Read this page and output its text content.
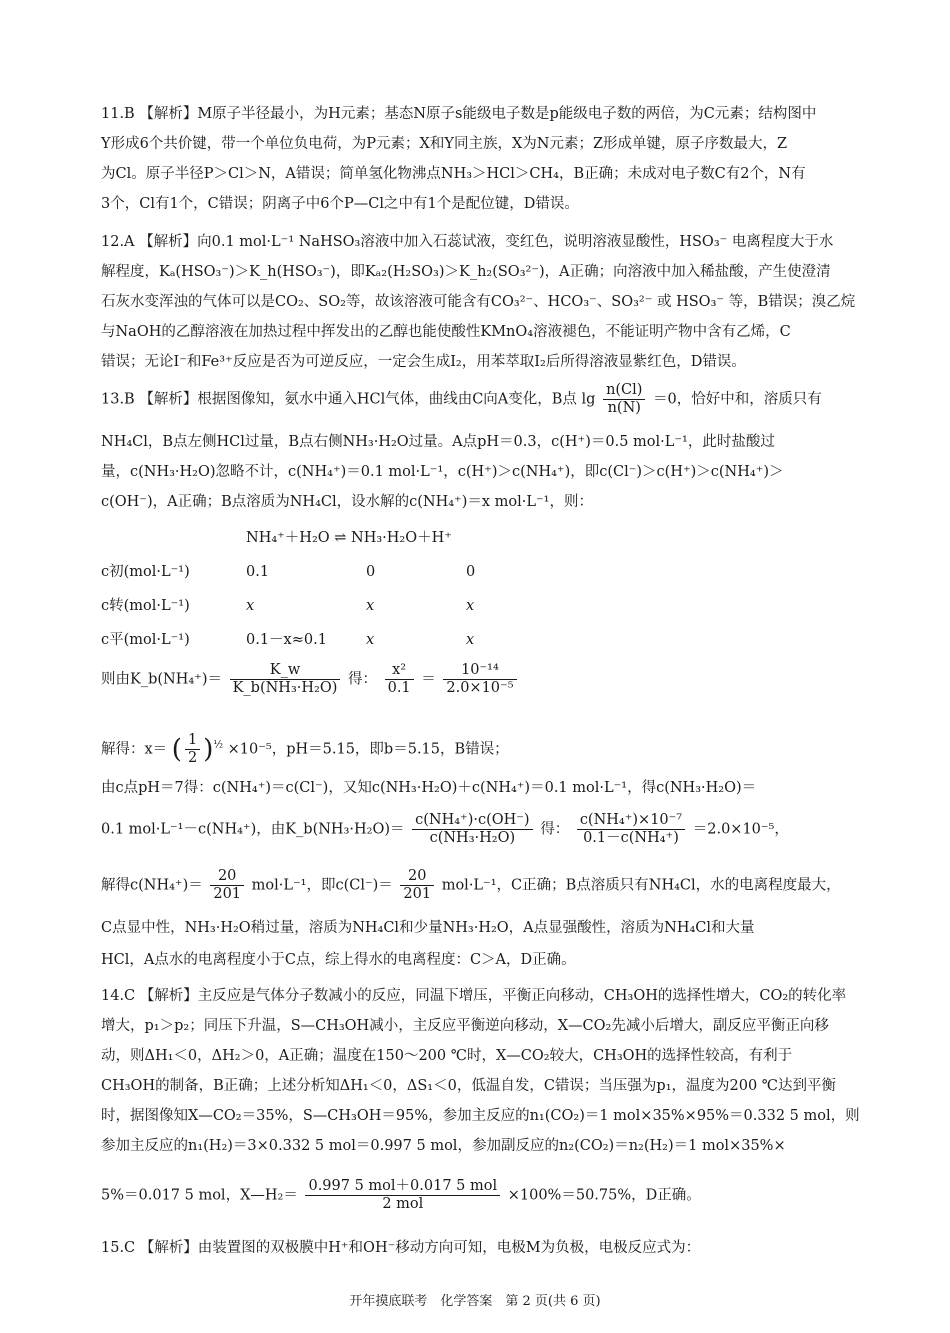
11.B 【解析】M原子半径最小，为H元素；基态N原子s能级电子数是p能级电子数的两倍，为C元素；结构图中
Y形成6个共价键，带一个单位负电荷，为P元素；X和Y同主族，X为N元素；Z形成单键，原子序数最大，Z
为Cl。原子半径P＞Cl＞N，A错误；简单氢化物沸点NH₃＞HCl＞CH₄，B正确；未成对电子数C有2个，N有
3个，Cl有1个，C错误；阴离子中6个P—Cl之中有1个是配位键，D错误。
12.A 【解析】向0.1 mol·L⁻¹ NaHSO₃溶液中加入石蕊试液，变红色，说明溶液显酸性，HSO₃⁻ 电离程度大于水
解程度，Kₐ(HSO₃⁻)＞K_h(HSO₃⁻)，即Kₐ₂(H₂SO₃)＞K_h₂(SO₃²⁻)，A正确；向溶液中加入稀盐酸，产生使澄清
石灰水变浑浊的气体可以是CO₂、SO₂等，故该溶液可能含有CO₃²⁻、HCO₃⁻、SO₃²⁻ 或 HSO₃⁻ 等，B错误；溴乙烷
与NaOH的乙醇溶液在加热过程中挥发出的乙醇也能使酸性KMnO₄溶液褪色，不能证明产物中含有乙烯，C
错误；无论I⁻和Fe³⁺反应是否为可逆反应，一定会生成I₂，用苯萃取I₂后所得溶液显紫红色，D错误。
13.B 【解析】根据图像知，氨水中通入HCl气体，曲线由C向A变化，B点 $\lg \frac{n(Cl)}{n(N)} =0$，恰好中和，溶质只有
NH₄Cl，B点左侧HCl过量，B点右侧NH₃·H₂O过量。A点pH＝0.3，c(H⁺)＝0.5 mol·L⁻¹，此时盐酸过
量，c(NH₃·H₂O)忽略不计，c(NH₄⁺)＝0.1 mol·L⁻¹，c(H⁺)＞c(NH₄⁺)，即c(Cl⁻)＞c(H⁺)＞c(NH₄⁺)＞
c(OH⁻)，A正确；B点溶质为NH₄Cl，设水解的c(NH₄⁺)＝x mol·L⁻¹，则：
NH₄⁺＋H₂O ⇌ NH₃·H₂O＋H⁺
c初(mol·L⁻¹)	0.1	0	0
c转(mol·L⁻¹)	x	x	x
c平(mol·L⁻¹)	0.1－x≈0.1	x	x
则由K_b(NH₄⁺)＝ $\frac{K\_w}{\text{K\_b(NH₃·H₂O)}}$ 得： $\frac{\text{x²}}{0.1} = \frac{\text{10⁻¹⁴}}{\text{2.0×10⁻⁵}}$
解得：x＝ ( $\frac{1}{2} )^{\frac{1}{2}} \times 10^{-5}$，pH＝5.15，即b＝5.15，B错误；
由c点pH＝7得：c(NH₄⁺)＝c(Cl⁻)，又知c(NH₃·H₂O)＋c(NH₄⁺)＝0.1 mol·L⁻¹，得c(NH₃·H₂O)＝
0.1 mol·L⁻¹－c(NH₄⁺)，由K_b(NH₃·H₂O)＝ $\frac{\text{c(NH₄⁺)·c(OH⁻)}}{\text{c(NH₃·H₂O)}}$ 得： $\frac{\text{c(NH₄⁺)×10⁻⁷}}{\text{0.1－c(NH₄⁺)}} =2.0\times 10^{-5}$，
解得$c(NH_4^+)= \frac{20}{201} mol\cdot L^{-1}$，即$c(Cl^-)= \frac{20}{201} mol\cdot L^{-1}$，C正确；B点溶质只有NH₄Cl，水的电离程度最大，
C点显中性，NH₃·H₂O稍过量，溶质为NH₄Cl和少量NH₃·H₂O，A点显强酸性，溶质为NH₄Cl和大量
HCl，A点水的电离程度小于C点，综上得水的电离程度：C＞A，D正确。
14.C 【解析】主反应是气体分子数减小的反应，同温下增压，平衡正向移动，CH₃OH的选择性增大，CO₂的转化率
增大，p₁＞p₂；同压下升温，S—CH₃OH减小，主反应平衡逆向移动，X—CO₂先减小后增大，副反应平衡正向移
动，则ΔH₁＜0，ΔH₂＞0，A正确；温度在150～200 ℃时，X—CO₂较大，CH₃OH的选择性较高，有利于
CH₃OH的制备，B正确；上述分析知ΔH₁＜0，ΔS₁＜0，低温自发，C错误；当压强为p₁，温度为200 ℃达到平衡
时，据图像知X—CO₂＝35%，S—CH₃OH＝95%，参加主反应的n₁(CO₂)＝1 mol×35%×95%＝0.332 5 mol，则
参加主反应的n₁(H₂)＝3×0.332 5 mol＝0.997 5 mol，参加副反应的n₂(CO₂)＝n₂(H₂)＝1 mol×35%×
5%＝0.017 5 mol，X—H₂＝ $\frac{\text{0.997 5 mol＋0.017 5 mol}}{\text{2 mol}} \times 100\%=50.75\%$，D正确。
15.C 【解析】由装置图的双极膜中H⁺和OH⁻移动方向可知，电极M为负极，电极反应式为：
开年摸底联考　化学答案　第 2 页(共 6 页)
